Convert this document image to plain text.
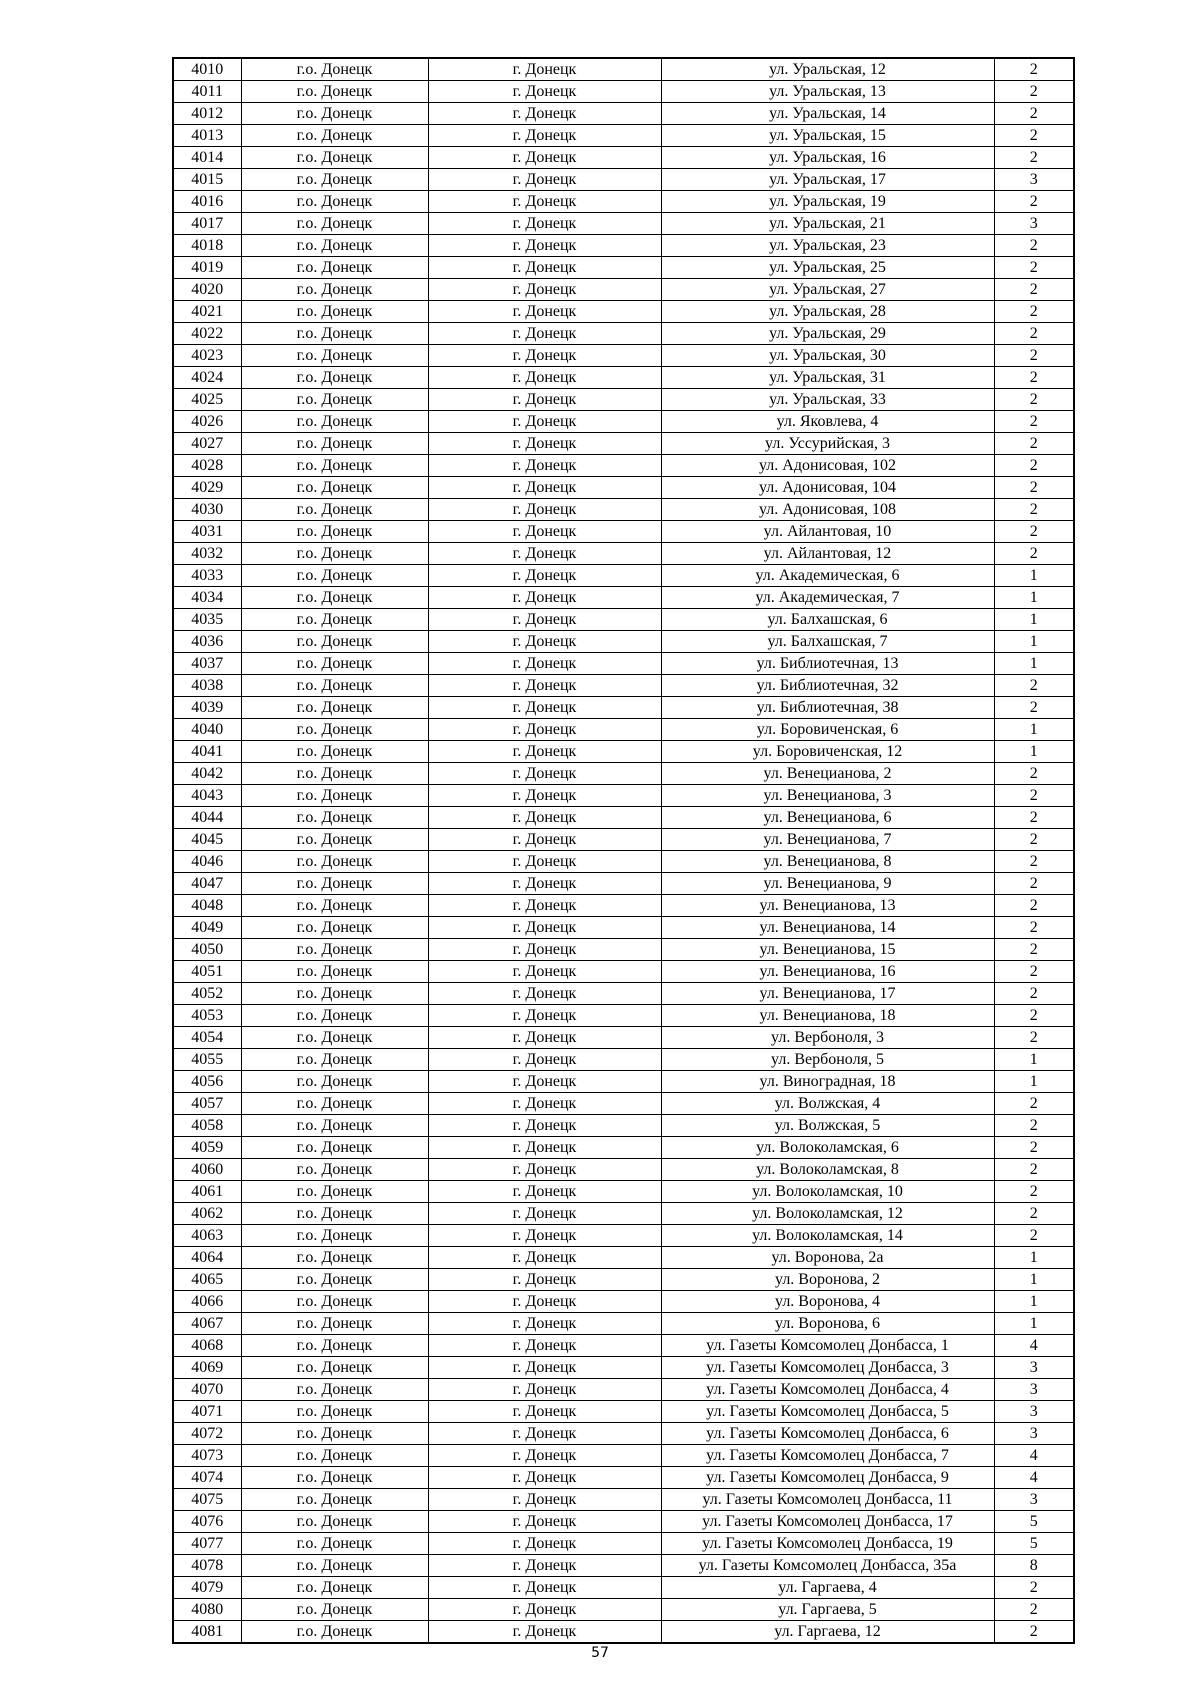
4010	г.о. Донецк	г. Донецк	ул. Уральская, 12	2
4011	г.о. Донецк	г. Донецк	ул. Уральская, 13	2
4012	г.о. Донецк	г. Донецк	ул. Уральская, 14	2
4013	г.о. Донецк	г. Донецк	ул. Уральская, 15	2
4014	г.о. Донецк	г. Донецк	ул. Уральская, 16	2
4015	г.о. Донецк	г. Донецк	ул. Уральская, 17	3
4016	г.о. Донецк	г. Донецк	ул. Уральская, 19	2
4017	г.о. Донецк	г. Донецк	ул. Уральская, 21	3
4018	г.о. Донецк	г. Донецк	ул. Уральская, 23	2
4019	г.о. Донецк	г. Донецк	ул. Уральская, 25	2
4020	г.о. Донецк	г. Донецк	ул. Уральская, 27	2
4021	г.о. Донецк	г. Донецк	ул. Уральская, 28	2
4022	г.о. Донецк	г. Донецк	ул. Уральская, 29	2
4023	г.о. Донецк	г. Донецк	ул. Уральская, 30	2
4024	г.о. Донецк	г. Донецк	ул. Уральская, 31	2
4025	г.о. Донецк	г. Донецк	ул. Уральская, 33	2
4026	г.о. Донецк	г. Донецк	ул. Яковлева, 4	2
4027	г.о. Донецк	г. Донецк	ул. Уссурийская, 3	2
4028	г.о. Донецк	г. Донецк	ул. Адонисовая, 102	2
4029	г.о. Донецк	г. Донецк	ул. Адонисовая, 104	2
4030	г.о. Донецк	г. Донецк	ул. Адонисовая, 108	2
4031	г.о. Донецк	г. Донецк	ул. Айлантовая, 10	2
4032	г.о. Донецк	г. Донецк	ул. Айлантовая, 12	2
4033	г.о. Донецк	г. Донецк	ул. Академическая, 6	1
4034	г.о. Донецк	г. Донецк	ул. Академическая, 7	1
4035	г.о. Донецк	г. Донецк	ул. Балхашская, 6	1
4036	г.о. Донецк	г. Донецк	ул. Балхашская, 7	1
4037	г.о. Донецк	г. Донецк	ул. Библиотечная, 13	1
4038	г.о. Донецк	г. Донецк	ул. Библиотечная, 32	2
4039	г.о. Донецк	г. Донецк	ул. Библиотечная, 38	2
4040	г.о. Донецк	г. Донецк	ул. Боровиченская, 6	1
4041	г.о. Донецк	г. Донецк	ул. Боровиченская, 12	1
4042	г.о. Донецк	г. Донецк	ул. Венецианова, 2	2
4043	г.о. Донецк	г. Донецк	ул. Венецианова, 3	2
4044	г.о. Донецк	г. Донецк	ул. Венецианова, 6	2
4045	г.о. Донецк	г. Донецк	ул. Венецианова, 7	2
4046	г.о. Донецк	г. Донецк	ул. Венецианова, 8	2
4047	г.о. Донецк	г. Донецк	ул. Венецианова, 9	2
4048	г.о. Донецк	г. Донецк	ул. Венецианова, 13	2
4049	г.о. Донецк	г. Донецк	ул. Венецианова, 14	2
4050	г.о. Донецк	г. Донецк	ул. Венецианова, 15	2
4051	г.о. Донецк	г. Донецк	ул. Венецианова, 16	2
4052	г.о. Донецк	г. Донецк	ул. Венецианова, 17	2
4053	г.о. Донецк	г. Донецк	ул. Венецианова, 18	2
4054	г.о. Донецк	г. Донецк	ул. Вербоноля, 3	2
4055	г.о. Донецк	г. Донецк	ул. Вербоноля, 5	1
4056	г.о. Донецк	г. Донецк	ул. Виноградная, 18	1
4057	г.о. Донецк	г. Донецк	ул. Волжская, 4	2
4058	г.о. Донецк	г. Донецк	ул. Волжская, 5	2
4059	г.о. Донецк	г. Донецк	ул. Волоколамская, 6	2
4060	г.о. Донецк	г. Донецк	ул. Волоколамская, 8	2
4061	г.о. Донецк	г. Донецк	ул. Волоколамская, 10	2
4062	г.о. Донецк	г. Донецк	ул. Волоколамская, 12	2
4063	г.о. Донецк	г. Донецк	ул. Волоколамская, 14	2
4064	г.о. Донецк	г. Донецк	ул. Воронова, 2а	1
4065	г.о. Донецк	г. Донецк	ул. Воронова, 2	1
4066	г.о. Донецк	г. Донецк	ул. Воронова, 4	1
4067	г.о. Донецк	г. Донецк	ул. Воронова, 6	1
4068	г.о. Донецк	г. Донецк	ул. Газеты Комсомолец Донбасса, 1	4
4069	г.о. Донецк	г. Донецк	ул. Газеты Комсомолец Донбасса, 3	3
4070	г.о. Донецк	г. Донецк	ул. Газеты Комсомолец Донбасса, 4	3
4071	г.о. Донецк	г. Донецк	ул. Газеты Комсомолец Донбасса, 5	3
4072	г.о. Донецк	г. Донецк	ул. Газеты Комсомолец Донбасса, 6	3
4073	г.о. Донецк	г. Донецк	ул. Газеты Комсомолец Донбасса, 7	4
4074	г.о. Донецк	г. Донецк	ул. Газеты Комсомолец Донбасса, 9	4
4075	г.о. Донецк	г. Донецк	ул. Газеты Комсомолец Донбасса, 11	3
4076	г.о. Донецк	г. Донецк	ул. Газеты Комсомолец Донбасса, 17	5
4077	г.о. Донецк	г. Донецк	ул. Газеты Комсомолец Донбасса, 19	5
4078	г.о. Донецк	г. Донецк	ул. Газеты Комсомолец Донбасса, 35а	8
4079	г.о. Донецк	г. Донецк	ул. Гаргаева, 4	2
4080	г.о. Донецк	г. Донецк	ул. Гаргаева, 5	2
4081	г.о. Донецк	г. Донецк	ул. Гаргаева, 12	2
57
